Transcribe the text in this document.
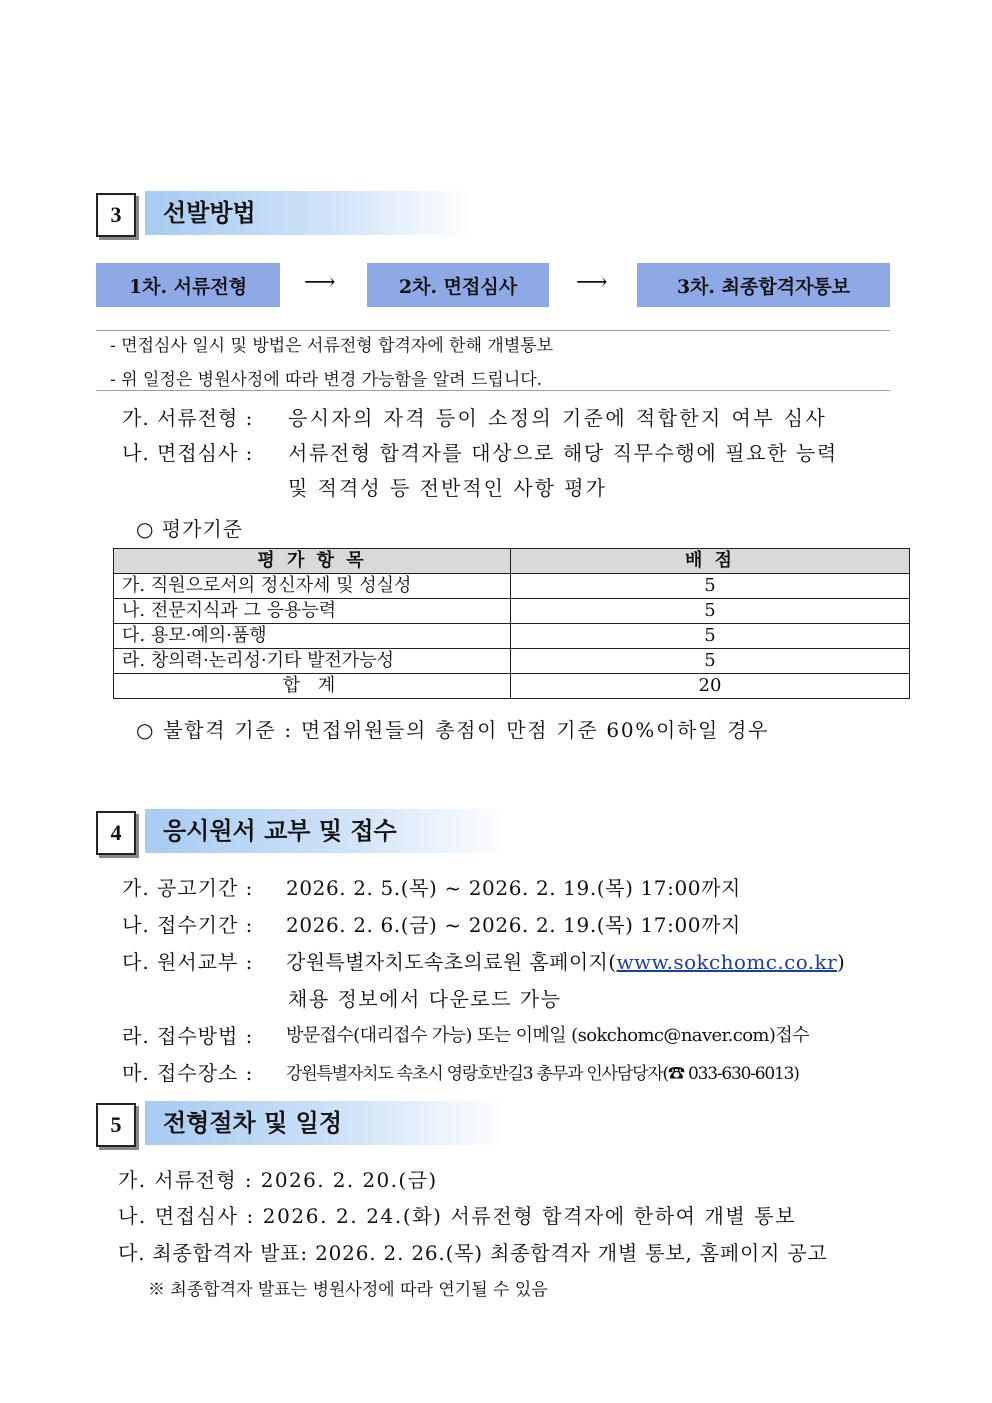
3	선발방법
1차. 서류전형	⟶	2차. 면접심사	⟶	3차. 최종합격자통보
- 면접심사 일시 및 방법은 서류전형 합격자에 한해 개별통보
- 위 일정은 병원사정에 따라 변경 가능함을 알려 드립니다.
가. 서류전형 : 응시자의 자격 등이 소정의 기준에 적합한지 여부 심사
나. 면접심사 : 서류전형 합격자를 대상으로 해당 직무수행에 필요한 능력
및 적격성 등 전반적인 사항 평가
○ 평가기준
평 가 항 목	배 점
가. 직원으로서의 정신자세 및 성실성	5
나. 전문지식과 그 응용능력	5
다. 용모·예의·품행	5
라. 창의력·논리성·기타 발전가능성	5
합 계	20
○ 불합격 기준 : 면접위원들의 총점이 만점 기준 60%이하일 경우
4	응시원서 교부 및 접수
가. 공고기간 : 2026. 2. 5.(목) ~ 2026. 2. 19.(목) 17:00까지
나. 접수기간 : 2026. 2. 6.(금) ~ 2026. 2. 19.(목) 17:00까지
다. 원서교부 : 강원특별자치도속초의료원 홈페이지(www.sokchomc.co.kr)
채용 정보에서 다운로드 가능
라. 접수방법 : 방문접수(대리접수 가능) 또는 이메일 (sokchomc@naver.com)접수
마. 접수장소 : 강원특별자치도 속초시 영랑호반길3 총무과 인사담당자(☎ 033-630-6013)
5	전형절차 및 일정
가. 서류전형 : 2026. 2. 20.(금)
나. 면접심사 : 2026. 2. 24.(화) 서류전형 합격자에 한하여 개별 통보
다. 최종합격자 발표: 2026. 2. 26.(목) 최종합격자 개별 통보, 홈페이지 공고
※ 최종합격자 발표는 병원사정에 따라 연기될 수 있음
